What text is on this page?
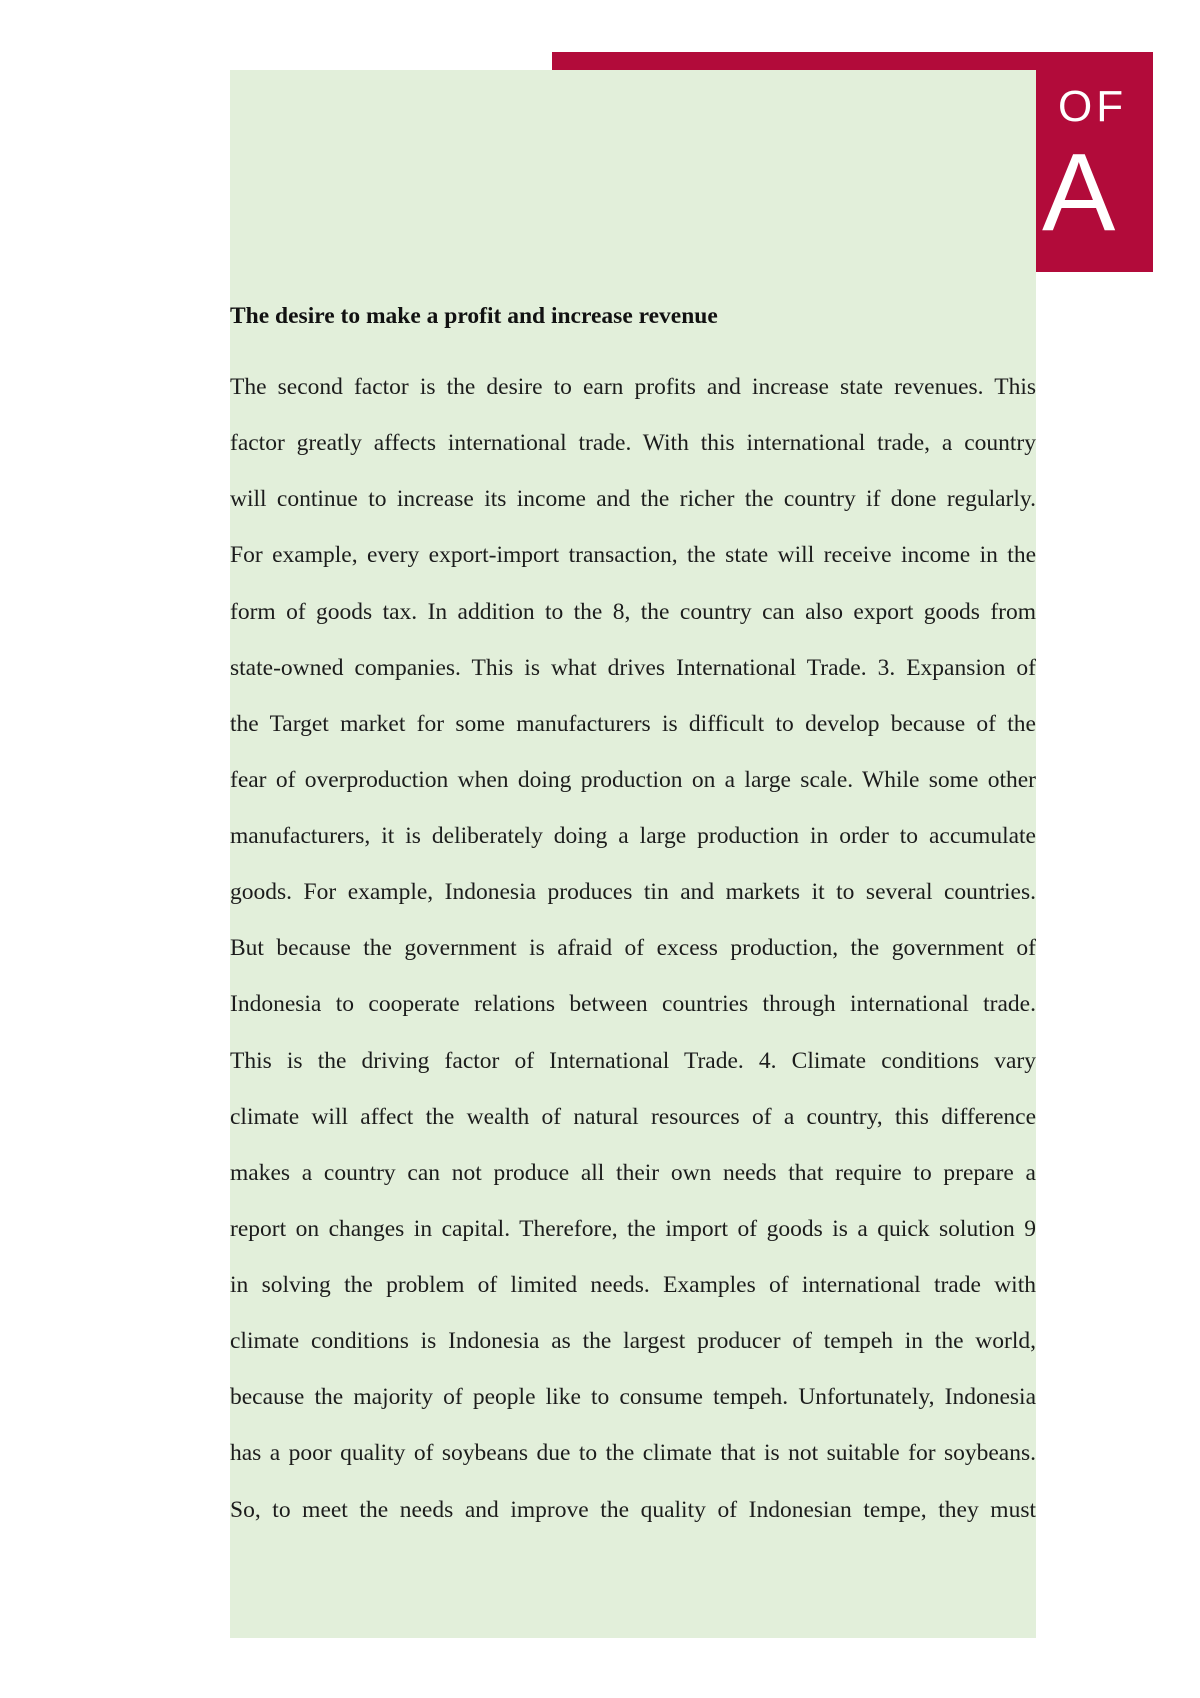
OF
A
The desire to make a profit and increase revenue
The second factor is the desire to earn profits and increase state revenues. This
factor greatly affects international trade. With this international trade, a country
will continue to increase its income and the richer the country if done regularly.
For example, every export-import transaction, the state will receive income in the
form of goods tax. In addition to the 8, the country can also export goods from
state-owned companies. This is what drives International Trade. 3. Expansion of
the Target market for some manufacturers is difficult to develop because of the
fear of overproduction when doing production on a large scale. While some other
manufacturers, it is deliberately doing a large production in order to accumulate
goods. For example, Indonesia produces tin and markets it to several countries.
But because the government is afraid of excess production, the government of
Indonesia to cooperate relations between countries through international trade.
This is the driving factor of International Trade. 4. Climate conditions vary
climate will affect the wealth of natural resources of a country, this difference
makes a country can not produce all their own needs that require to prepare a
report on changes in capital. Therefore, the import of goods is a quick solution 9
in solving the problem of limited needs. Examples of international trade with
climate conditions is Indonesia as the largest producer of tempeh in the world,
because the majority of people like to consume tempeh. Unfortunately, Indonesia
has a poor quality of soybeans due to the climate that is not suitable for soybeans.
So, to meet the needs and improve the quality of Indonesian tempe, they must
